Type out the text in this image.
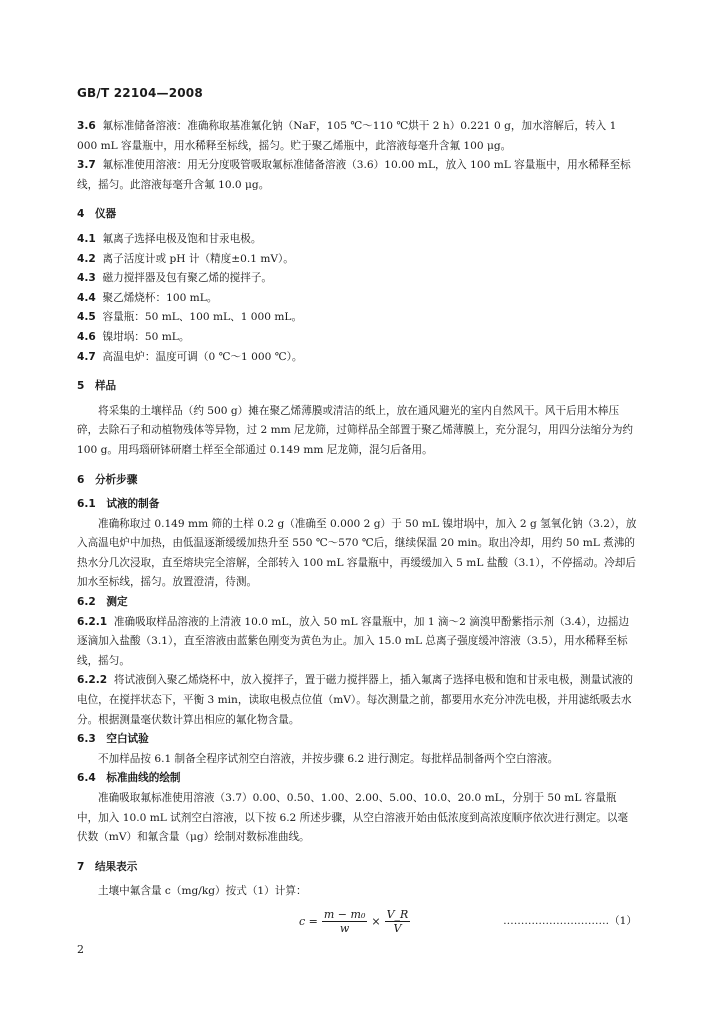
GB/T 22104—2008

3.6 氟标准储备溶液：准确称取基准氟化钠（NaF，105 ℃～110 ℃烘干 2 h）0.221 0 g，加水溶解后，转入 1 000 mL 容量瓶中，用水稀释至标线，摇匀。贮于聚乙烯瓶中，此溶液每毫升含氟 100 μg。

3.7 氟标准使用溶液：用无分度吸管吸取氟标准储备溶液（3.6）10.00 mL，放入 100 mL 容量瓶中，用水稀释至标线，摇匀。此溶液每毫升含氟 10.0 μg。

4　仪器

4.1 氟离子选择电极及饱和甘汞电极。

4.2 离子活度计或 pH 计（精度±0.1 mV）。

4.3 磁力搅拌器及包有聚乙烯的搅拌子。

4.4 聚乙烯烧杯：100 mL。

4.5 容量瓶：50 mL、100 mL、1 000 mL。

4.6 镍坩埚：50 mL。

4.7 高温电炉：温度可调（0 ℃～1 000 ℃）。

5　样品

将采集的土壤样品（约 500 g）摊在聚乙烯薄膜或清洁的纸上，放在通风避光的室内自然风干。风干后用木棒压碎，去除石子和动植物残体等异物，过 2 mm 尼龙筛，过筛样品全部置于聚乙烯薄膜上，充分混匀，用四分法缩分为约 100 g。用玛瑙研钵研磨土样至全部通过 0.149 mm 尼龙筛，混匀后备用。

6　分析步骤

6.1　试液的制备

准确称取过 0.149 mm 筛的土样 0.2 g（准确至 0.000 2 g）于 50 mL 镍坩埚中，加入 2 g 氢氧化钠（3.2），放入高温电炉中加热，由低温逐渐缓缓加热升至 550 ℃～570 ℃后，继续保温 20 min。取出冷却，用约 50 mL 煮沸的热水分几次浸取，直至熔块完全溶解，全部转入 100 mL 容量瓶中，再缓缓加入 5 mL 盐酸（3.1），不停摇动。冷却后加水至标线，摇匀。放置澄清，待测。

6.2　测定

6.2.1 准确吸取样品溶液的上清液 10.0 mL，放入 50 mL 容量瓶中，加 1 滴～2 滴溴甲酚紫指示剂（3.4），边摇边逐滴加入盐酸（3.1），直至溶液由蓝紫色刚变为黄色为止。加入 15.0 mL 总离子强度缓冲溶液（3.5），用水稀释至标线，摇匀。

6.2.2 将试液倒入聚乙烯烧杯中，放入搅拌子，置于磁力搅拌器上，插入氟离子选择电极和饱和甘汞电极，测量试液的电位，在搅拌状态下，平衡 3 min，读取电极点位值（mV）。每次测量之前，都要用水充分冲洗电极，并用滤纸吸去水分。根据测量毫伏数计算出相应的氟化物含量。

6.3　空白试验

不加样品按 6.1 制备全程序试剂空白溶液，并按步骤 6.2 进行测定。每批样品制备两个空白溶液。

6.4　标准曲线的绘制

准确吸取氟标准使用溶液（3.7）0.00、0.50、1.00、2.00、5.00、10.0、20.0 mL，分别于 50 mL 容量瓶中，加入 10.0 mL 试剂空白溶液，以下按 6.2 所述步骤，从空白溶液开始由低浓度到高浓度顺序依次进行测定。以毫伏数（mV）和氟含量（μg）绘制对数标准曲线。

7　结果表示

土壤中氟含量 c（mg/kg）按式（1）计算：

$c = \frac{\text{m − m₀}}{w} \times \frac{V\_R}{V}$	…………………………（1）
2
